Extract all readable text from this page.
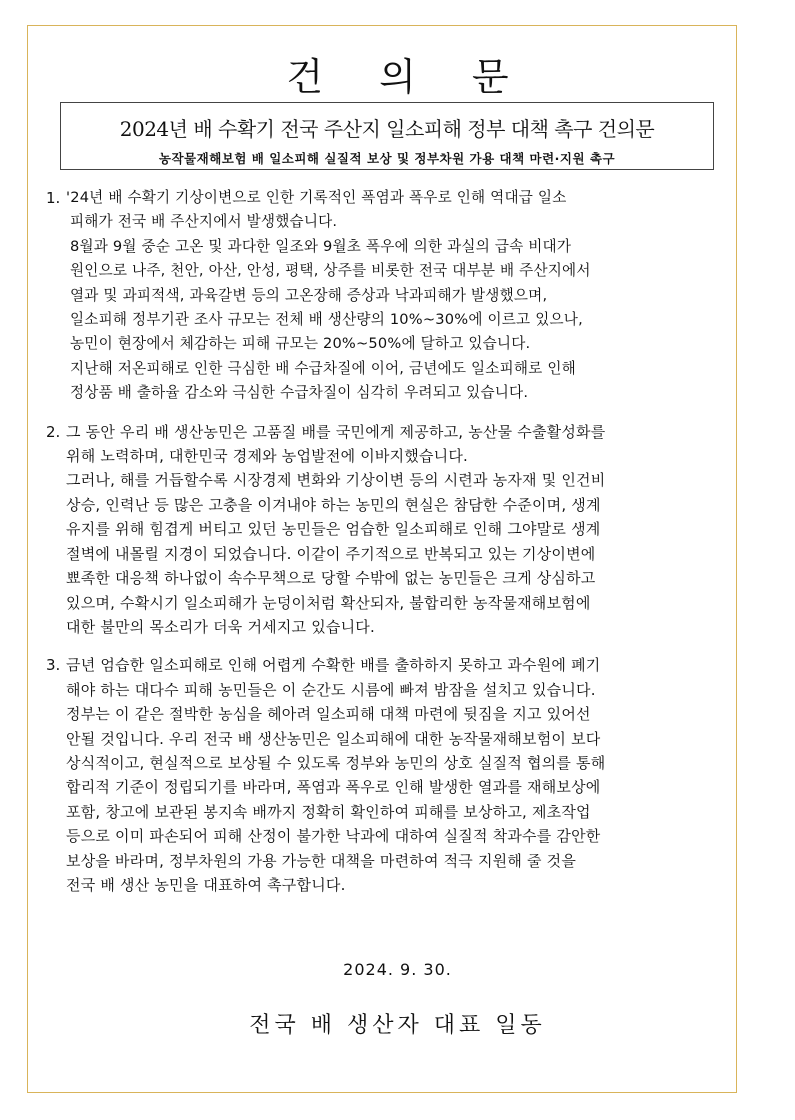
건 의 문
2024년 배 수확기 전국 주산지 일소피해 정부 대책 촉구 건의문
농작물재해보험 배 일소피해 실질적 보상 및 정부차원 가용 대책 마련·지원 촉구
1. '24년 배 수확기 기상이변으로 인한 기록적인 폭염과 폭우로 인해 역대급 일소
피해가 전국 배 주산지에서 발생했습니다.
8월과 9월 중순 고온 및 과다한 일조와 9월초 폭우에 의한 과실의 급속 비대가
원인으로 나주, 천안, 아산, 안성, 평택, 상주를 비롯한 전국 대부분 배 주산지에서
열과 및 과피적색, 과육갈변 등의 고온장해 증상과 낙과피해가 발생했으며,
일소피해 정부기관 조사 규모는 전체 배 생산량의 10%~30%에 이르고 있으나,
농민이 현장에서 체감하는 피해 규모는 20%~50%에 달하고 있습니다.
지난해 저온피해로 인한 극심한 배 수급차질에 이어, 금년에도 일소피해로 인해
정상품 배 출하율 감소와 극심한 수급차질이 심각히 우려되고 있습니다.
2. 그 동안 우리 배 생산농민은 고품질 배를 국민에게 제공하고, 농산물 수출활성화를
위해 노력하며, 대한민국 경제와 농업발전에 이바지했습니다.
그러나, 해를 거듭할수록 시장경제 변화와 기상이변 등의 시련과 농자재 및 인건비
상승, 인력난 등 많은 고충을 이겨내야 하는 농민의 현실은 참담한 수준이며, 생계
유지를 위해 힘겹게 버티고 있던 농민들은 엄습한 일소피해로 인해 그야말로 생계
절벽에 내몰릴 지경이 되었습니다. 이같이 주기적으로 반복되고 있는 기상이변에
뾰족한 대응책 하나없이 속수무책으로 당할 수밖에 없는 농민들은 크게 상심하고
있으며, 수확시기 일소피해가 눈덩이처럼 확산되자, 불합리한 농작물재해보험에
대한 불만의 목소리가 더욱 거세지고 있습니다.
3. 금년 엄습한 일소피해로 인해 어렵게 수확한 배를 출하하지 못하고 과수원에 폐기
해야 하는 대다수 피해 농민들은 이 순간도 시름에 빠져 밤잠을 설치고 있습니다.
정부는 이 같은 절박한 농심을 헤아려 일소피해 대책 마련에 뒷짐을 지고 있어선
안될 것입니다. 우리 전국 배 생산농민은 일소피해에 대한 농작물재해보험이 보다
상식적이고, 현실적으로 보상될 수 있도록 정부와 농민의 상호 실질적 협의를 통해
합리적 기준이 정립되기를 바라며, 폭염과 폭우로 인해 발생한 열과를 재해보상에
포함, 창고에 보관된 봉지속 배까지 정확히 확인하여 피해를 보상하고, 제초작업
등으로 이미 파손되어 피해 산정이 불가한 낙과에 대하여 실질적 착과수를 감안한
보상을 바라며, 정부차원의 가용 가능한 대책을 마련하여 적극 지원해 줄 것을
전국 배 생산 농민을 대표하여 촉구합니다.
2024. 9. 30.
전국 배 생산자 대표 일동
